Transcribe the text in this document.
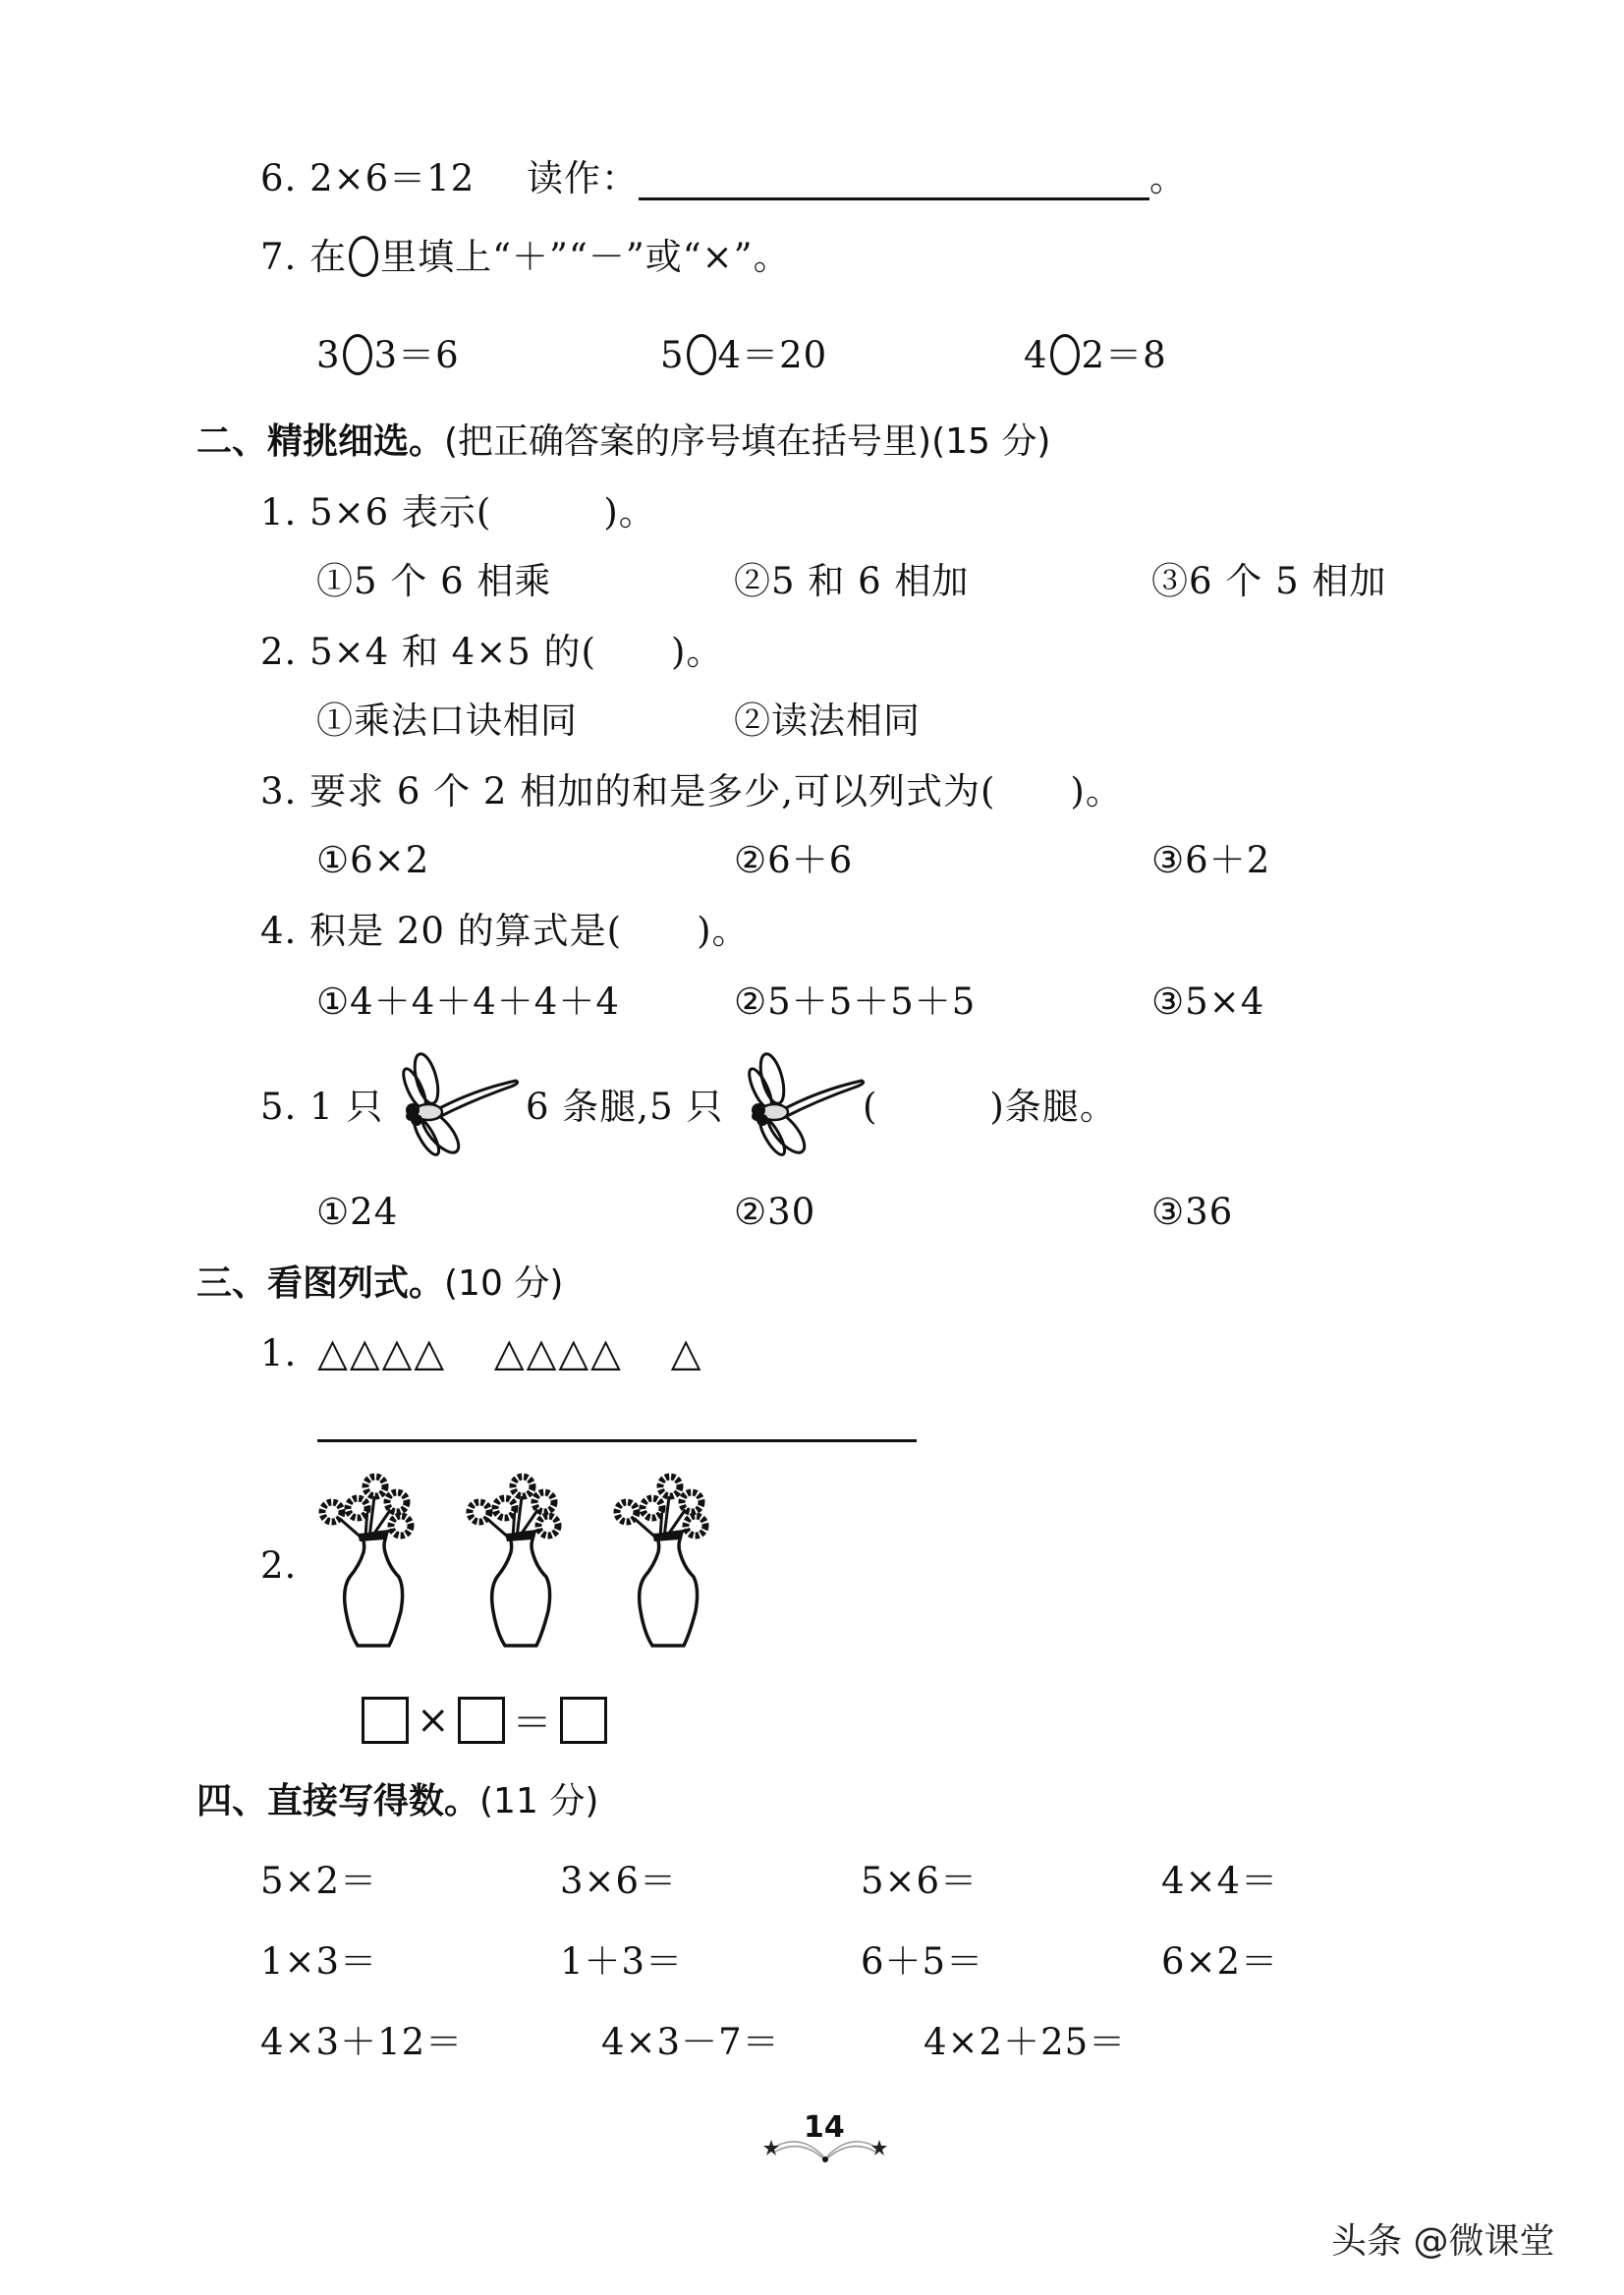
6. 2×6＝12 读作：	。
7. 在 里填上“＋”“－”或“×”。
3 3＝6	5 4＝20	4 2＝8
二、精挑细选。(把正确答案的序号填在括号里)(15 分)
1. 5×6 表示(　　　)。
①5 个 6 相乘	②5 和 6 相加	③6 个 5 相加
2. 5×4 和 4×5 的(　　)。
①乘法口诀相同	②读法相同
3. 要求 6 个 2 相加的和是多少,可以列式为(　　)。
①6×2	②6＋6	③6＋2
4. 积是 20 的算式是(　　)。
①4＋4＋4＋4＋4	②5＋5＋5＋5	③5×4
5. 1 只	6 条腿,5 只	(　　　)条腿。
①24	②30	③36
三、看图列式。(10 分)
1. △△△△ △△△△ △
2.
× ＝
四、直接写得数。(11 分)
5×2＝	3×6＝	5×6＝	4×4＝
1×3＝	1＋3＝	6＋5＝	6×2＝
4×3＋12＝	4×3－7＝	4×2＋25＝
14
头条 @微课堂
